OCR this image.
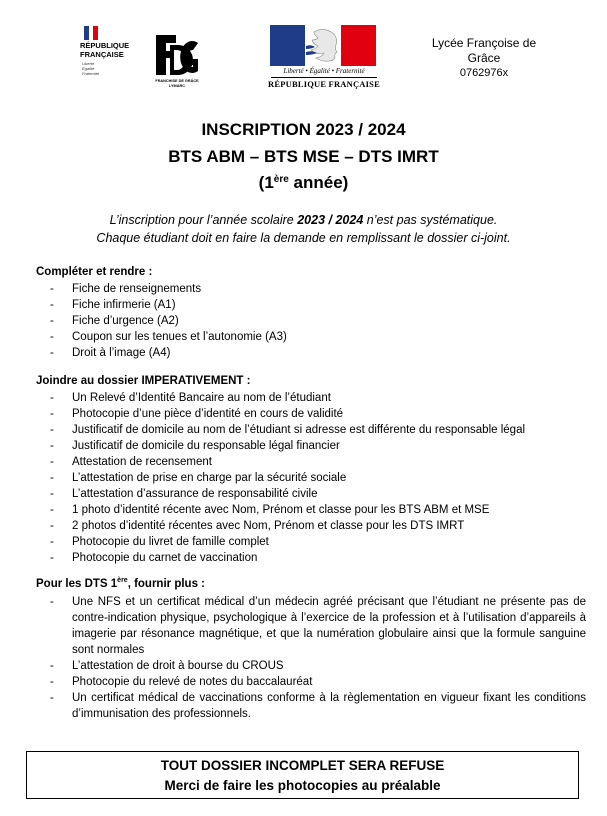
RÉPUBLIQUE
FRANÇAISE
Liberté
Égalité
Fraternité
FRANCHISE DE GRÂCE
LYMARC
Liberté • Égalité • Fraternité
RÉPUBLIQUE FRANÇAISE
Lycée Françoise de Grâce
0762976x
INSCRIPTION 2023 / 2024
BTS ABM – BTS MSE – DTS IMRT
(1ère année)
L’inscription pour l’année scolaire 2023 / 2024 n’est pas systématique.
Chaque étudiant doit en faire la demande en remplissant le dossier ci-joint.
Compléter et rendre :
- Fiche de renseignements
- Fiche infirmerie (A1)
- Fiche d’urgence (A2)
- Coupon sur les tenues et l’autonomie (A3)
- Droit à l’image (A4)
Joindre au dossier IMPERATIVEMENT :
- Un Relevé d’Identité Bancaire au nom de l’étudiant
- Photocopie d’une pièce d’identité en cours de validité
- Justificatif de domicile au nom de l’étudiant si adresse est différente du responsable légal
- Justificatif de domicile du responsable légal financier
- Attestation de recensement
- L’attestation de prise en charge par la sécurité sociale
- L’attestation d’assurance de responsabilité civile
- 1 photo d’identité récente avec Nom, Prénom et classe pour les BTS ABM et MSE
- 2 photos d’identité récentes avec Nom, Prénom et classe pour les DTS IMRT
- Photocopie du livret de famille complet
- Photocopie du carnet de vaccination
Pour les DTS 1ère, fournir plus :
- Une NFS et un certificat médical d’un médecin agréé précisant que l’étudiant ne présente pas de contre-indication physique, psychologique à l’exercice de la profession et à l’utilisation d’appareils à imagerie par résonance magnétique, et que la numération globulaire ainsi que la formule sanguine sont normales
- L’attestation de droit à bourse du CROUS
- Photocopie du relevé de notes du baccalauréat
- Un certificat médical de vaccinations conforme à la règlementation en vigueur fixant les conditions d’immunisation des professionnels.
TOUT DOSSIER INCOMPLET SERA REFUSE
Merci de faire les photocopies au préalable
